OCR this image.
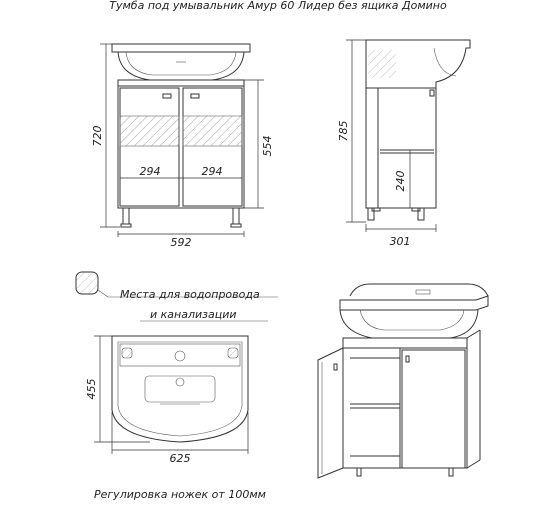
Тумба под умывальник Амур 60 Лидер без ящика Домино
720	554
294	294
592
785
240
301
Места для водопровода
и канализации
455
625
Регулировка ножек от 100мм
